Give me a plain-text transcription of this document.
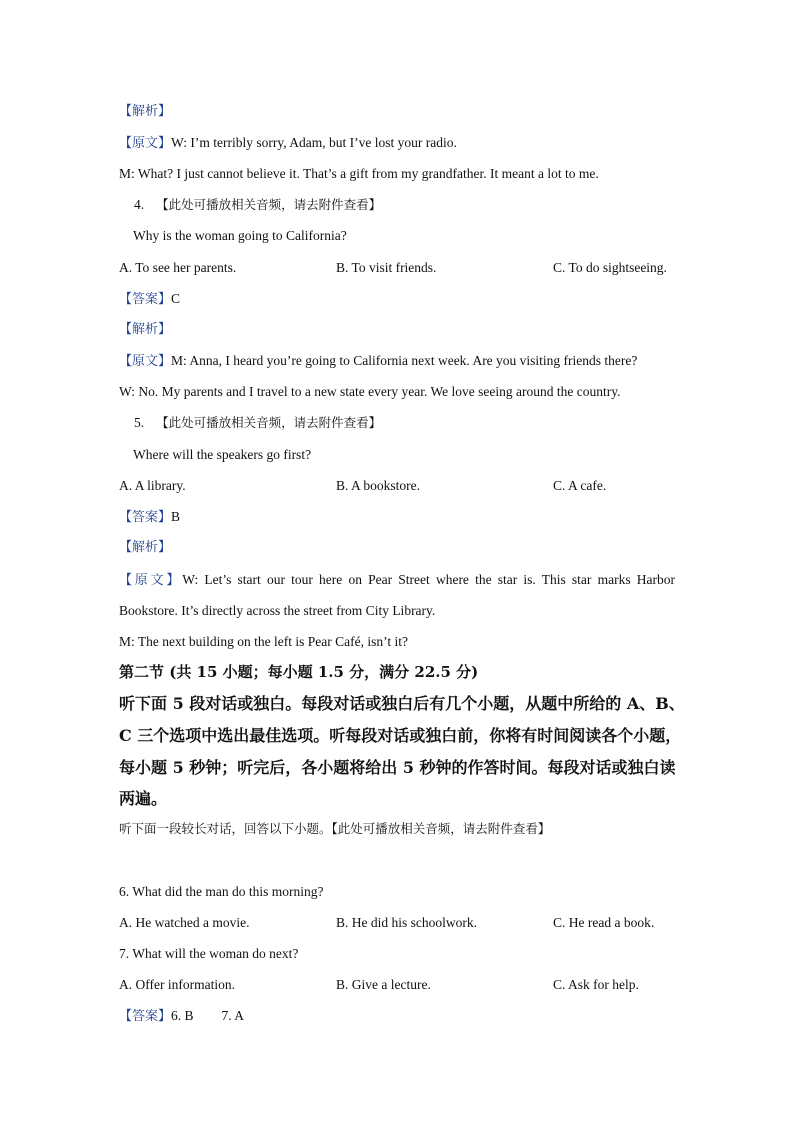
【解析】
【原文】W: I’m terribly sorry, Adam, but I’ve lost your radio.
M: What? I just cannot believe it. That’s a gift from my grandfather. It meant a lot to me.
4. 【此处可播放相关音频，请去附件查看】
Why is the woman going to California?
A. To see her parents.	B. To visit friends.	C. To do sightseeing.
【答案】C
【解析】
【原文】M: Anna, I heard you’re going to California next week. Are you visiting friends there?
W: No. My parents and I travel to a new state every year. We love seeing around the country.
5. 【此处可播放相关音频，请去附件查看】
Where will the speakers go first?
A. A library.	B. A bookstore.	C. A cafe.
【答案】B
【解析】
【原文】W: Let’s start our tour here on Pear Street where the star is. This star marks Harbor
Bookstore. It’s directly across the street from City Library.
M: The next building on the left is Pear Café, isn’t it?
第二节 (共 15 小题；每小题 1.5 分，满分 22.5 分)
听下面 5 段对话或独白。每段对话或独白后有几个小题，从题中所给的 A、B、
C 三个选项中选出最佳选项。听每段对话或独白前，你将有时间阅读各个小题，
每小题 5 秒钟；听完后，各小题将给出 5 秒钟的作答时间。每段对话或独白读
两遍。
听下面一段较长对话，回答以下小题。【此处可播放相关音频，请去附件查看】
6. What did the man do this morning?
A. He watched a movie.	B. He did his schoolwork.	C. He read a book.
7. What will the woman do next?
A. Offer information.	B. Give a lecture.	C. Ask for help.
【答案】6. B 7. A
